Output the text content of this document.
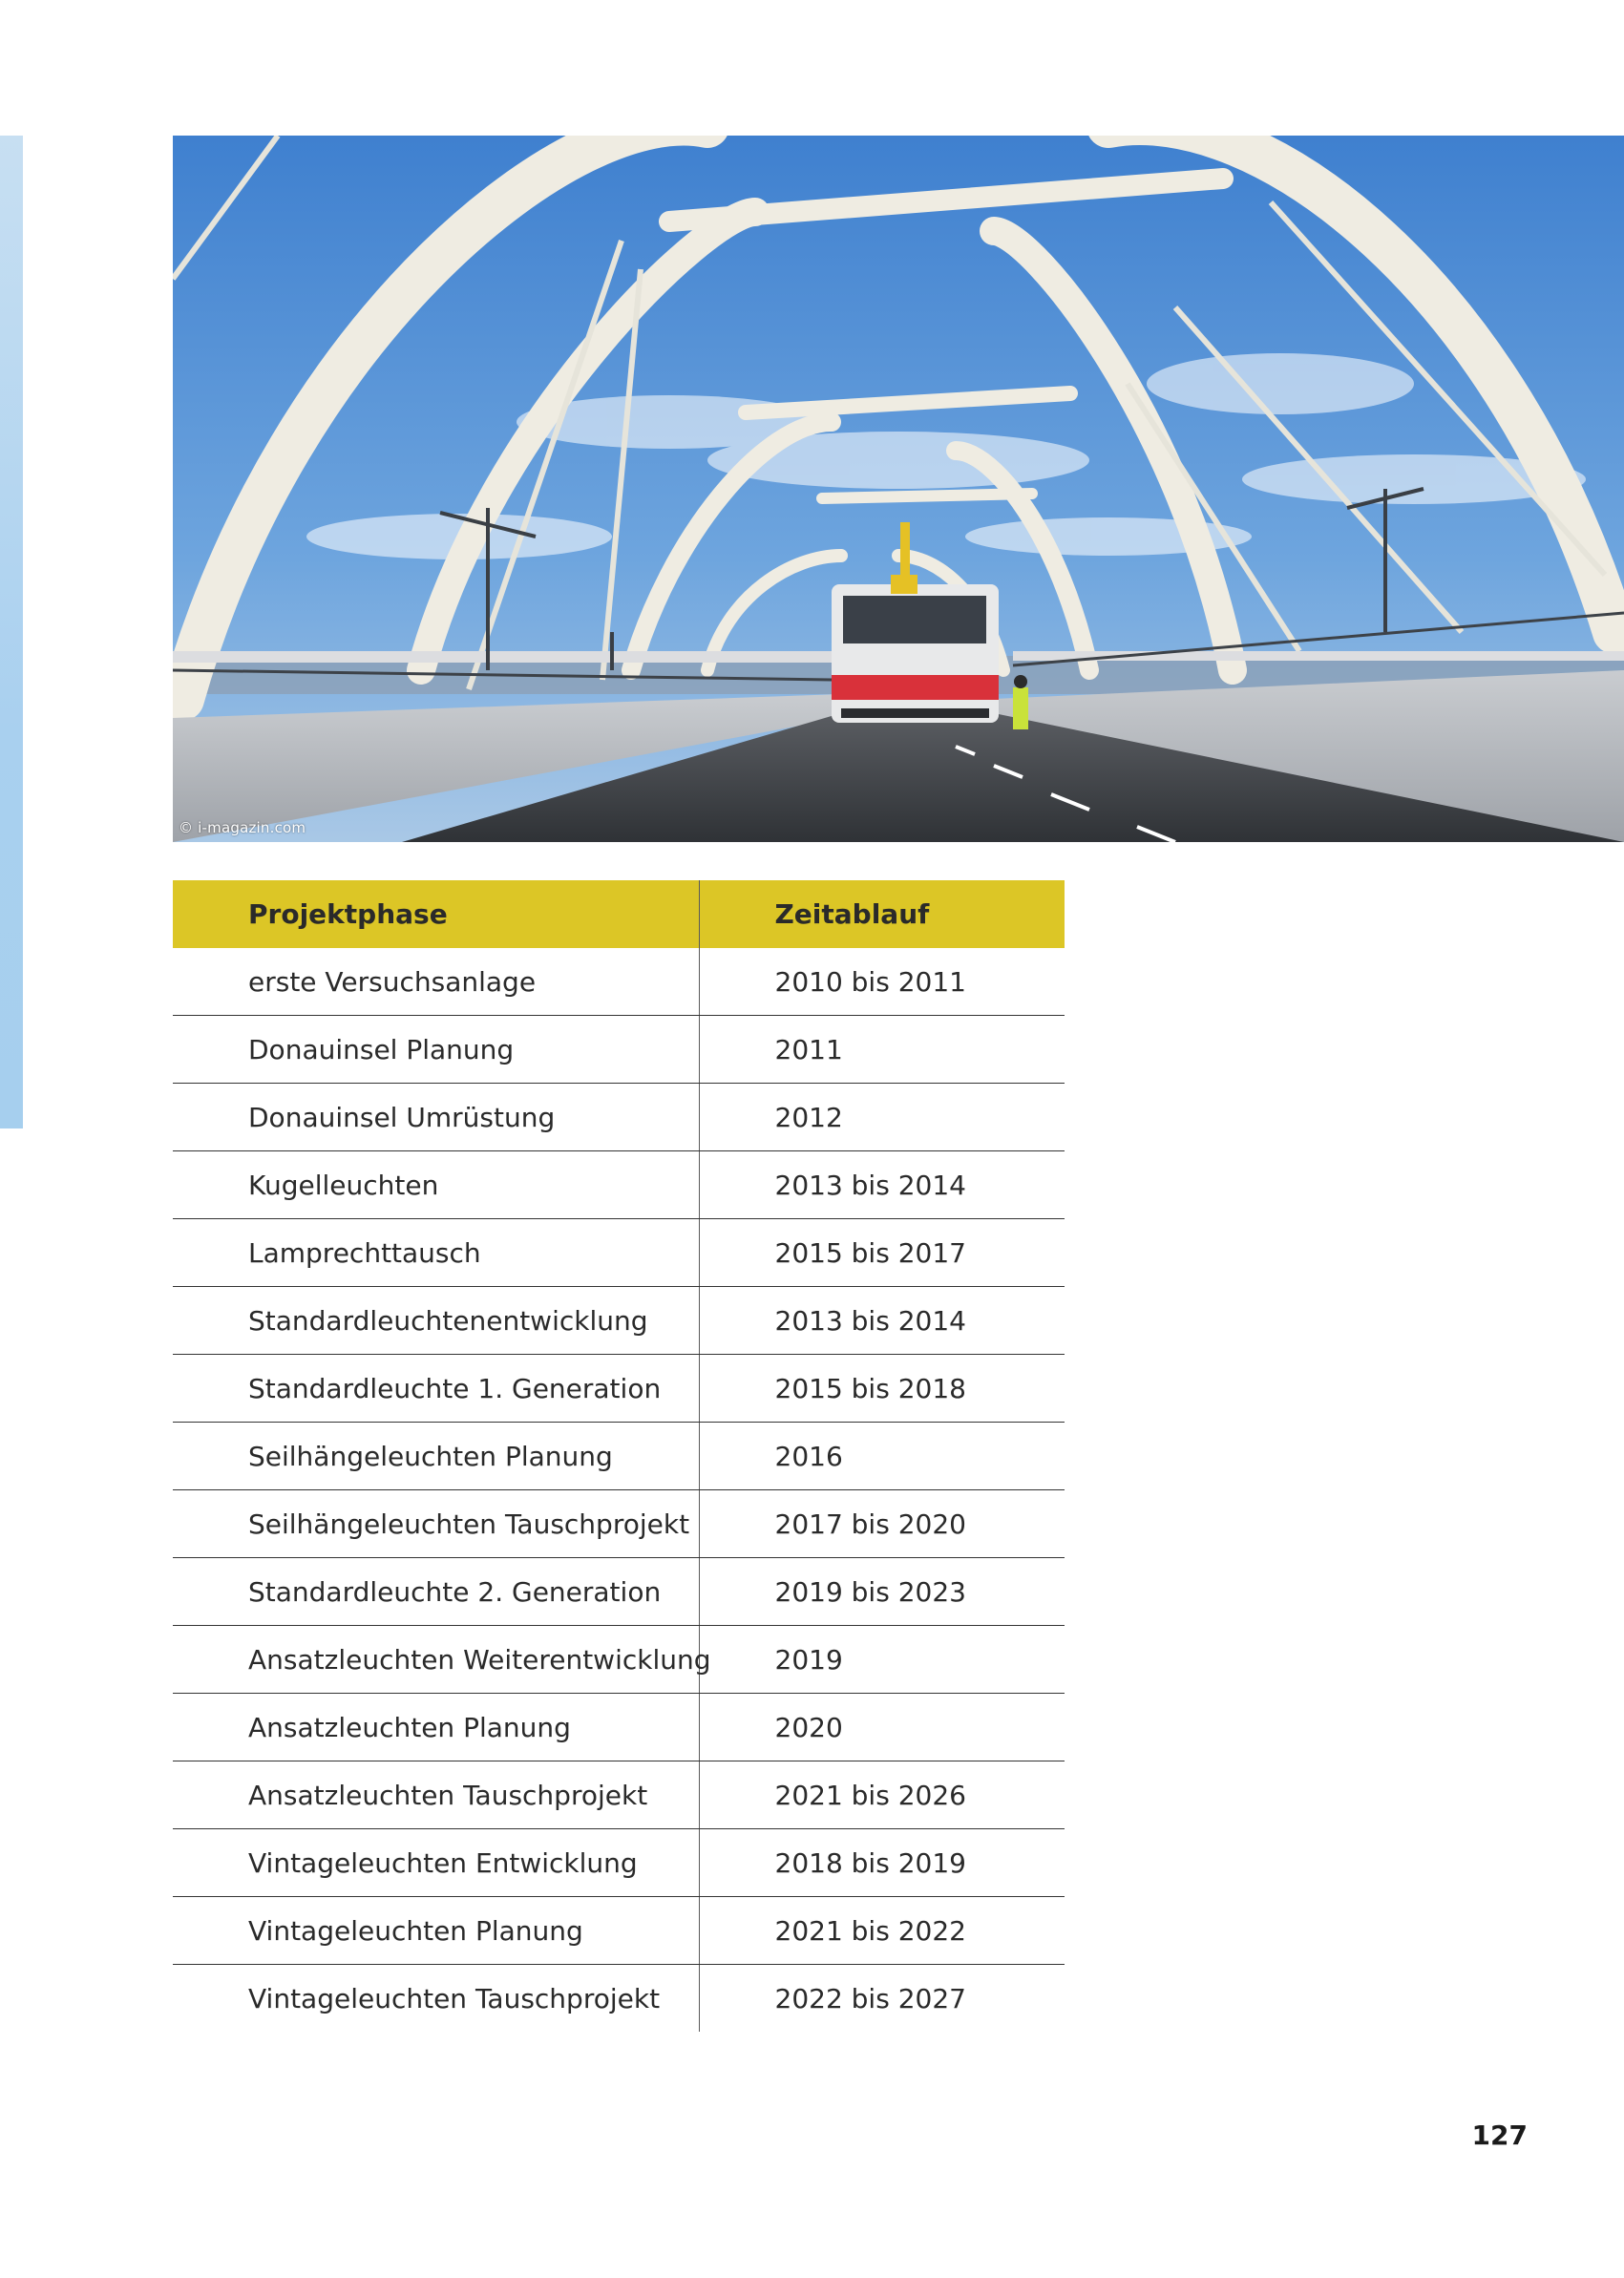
© i-magazin.com
Projektphase	Zeitablauf
erste Versuchsanlage	2010 bis 2011
Donauinsel Planung	2011
Donauinsel Umrüstung	2012
Kugelleuchten	2013 bis 2014
Lamprechttausch	2015 bis 2017
Standardleuchtenentwicklung	2013 bis 2014
Standardleuchte 1. Generation	2015 bis 2018
Seilhängeleuchten Planung	2016
Seilhängeleuchten Tauschprojekt	2017 bis 2020
Standardleuchte 2. Generation	2019 bis 2023
Ansatzleuchten Weiterentwicklung	2019
Ansatzleuchten Planung	2020
Ansatzleuchten Tauschprojekt	2021 bis 2026
Vintageleuchten Entwicklung	2018 bis 2019
Vintageleuchten Planung	2021 bis 2022
Vintageleuchten Tauschprojekt	2022 bis 2027
127
